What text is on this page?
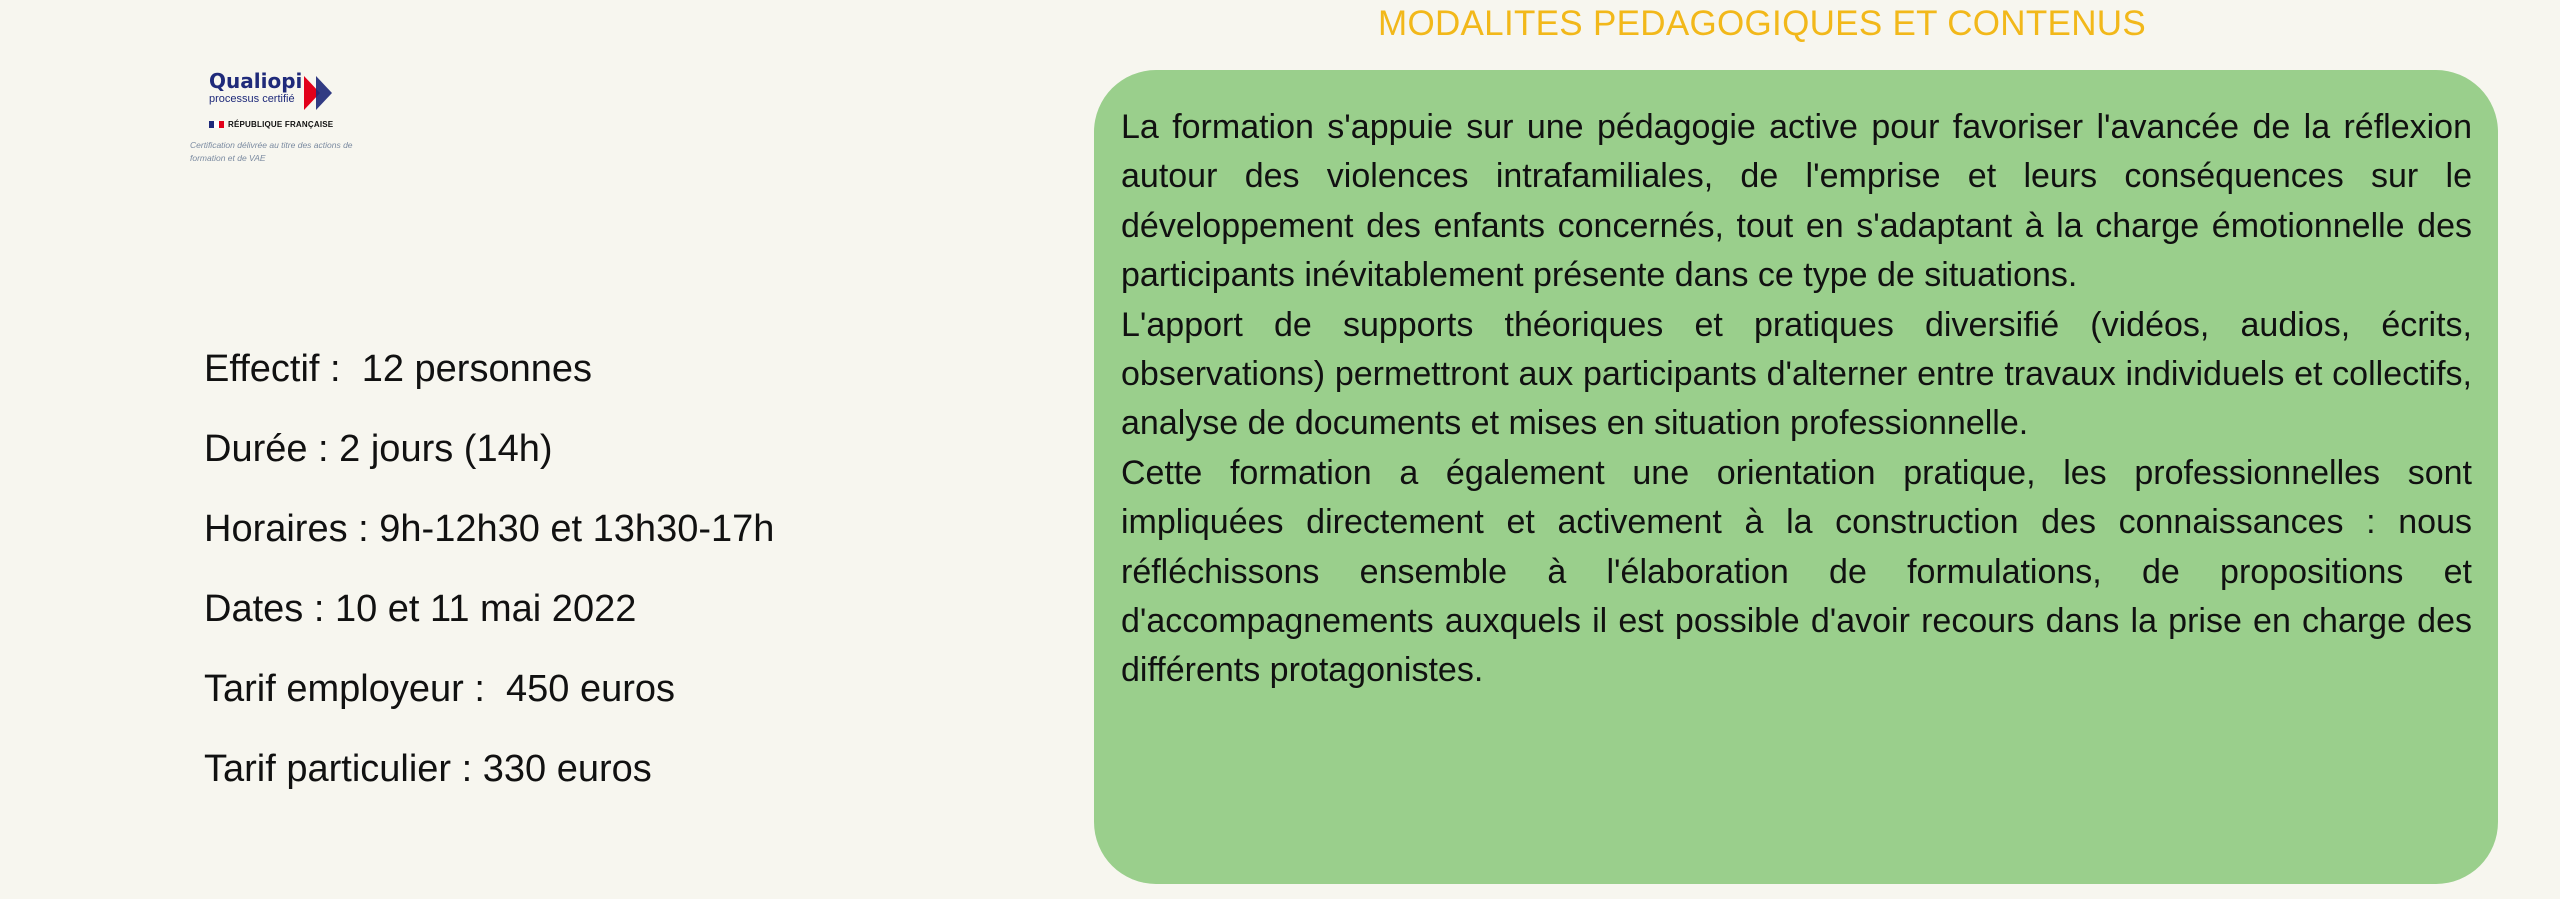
Qualiopi
processus certifié
RÉPUBLIQUE FRANÇAISE
Certification délivrée au titre des actions de formation et de VAE
Effectif :  12 personnes
Durée : 2 jours (14h)
Horaires : 9h-12h30 et 13h30-17h
Dates : 10 et 11 mai 2022
Tarif employeur :  450 euros
Tarif particulier : 330 euros
MODALITES PEDAGOGIQUES ET CONTENUS

La formation s'appuie sur une pédagogie active pour favoriser l'avancée de la réflexion autour des violences intrafamiliales, de l'emprise et leurs conséquences sur le développement des enfants concernés, tout en s'adaptant à la charge émotionnelle des participants inévitablement présente dans ce type de situations.

L'apport de supports théoriques et pratiques diversifié (vidéos, audios, écrits, observations) permettront aux participants d'alterner entre travaux individuels et collectifs, analyse de documents et mises en situation professionnelle.

Cette formation a également une orientation pratique, les professionnelles sont impliquées directement et activement à la construction des connaissances : nous réfléchissons ensemble à l'élaboration de formulations, de propositions et d'accompagnements auxquels il est possible d'avoir recours dans la prise en charge des différents protagonistes.
